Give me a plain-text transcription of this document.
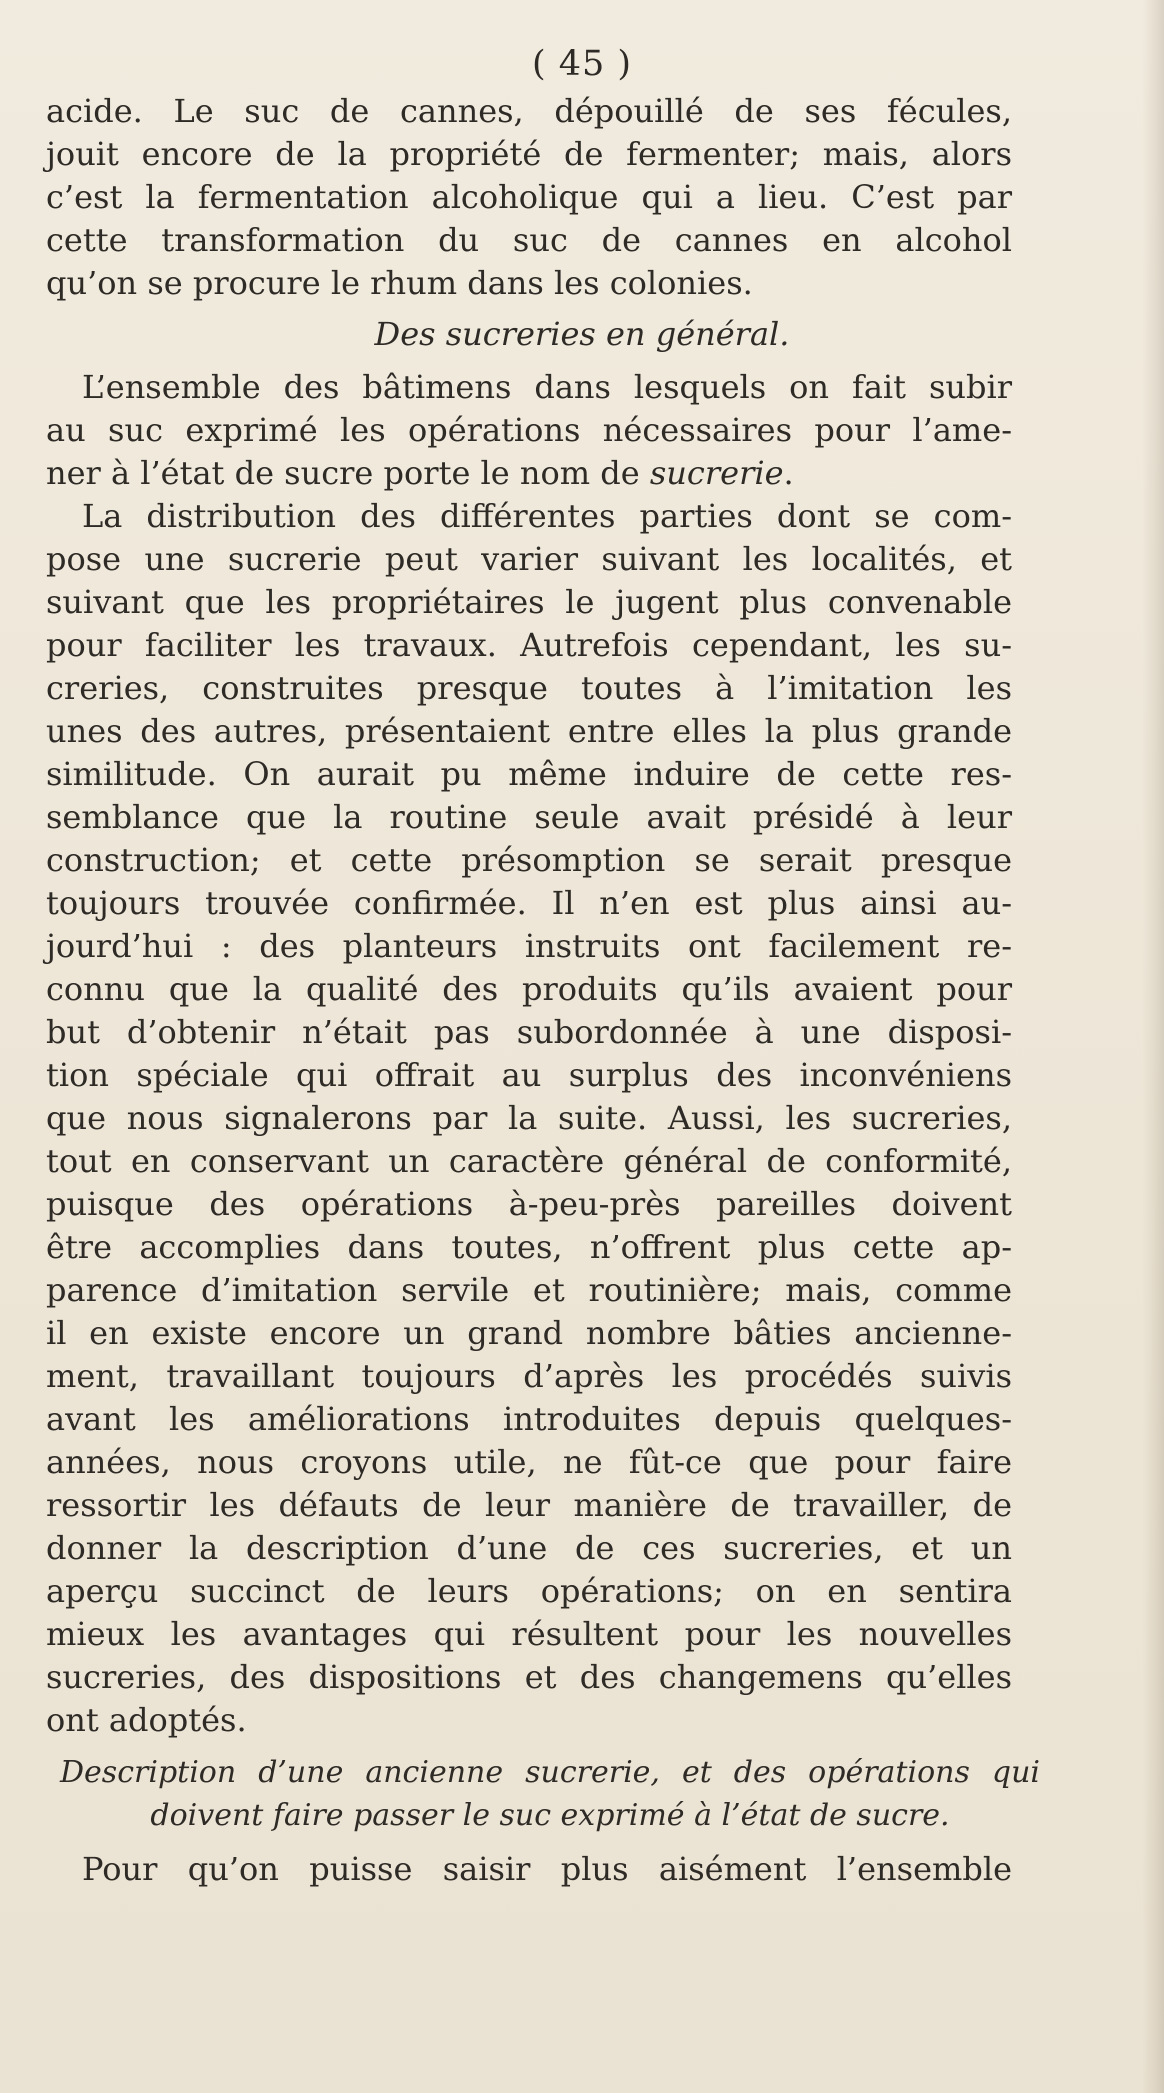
( 45 )
acide. Le suc de cannes, dépouillé de ses fécules,
jouit encore de la propriété de fermenter; mais, alors
c’est la fermentation alcoholique qui a lieu. C’est par
cette transformation du suc de cannes en alcohol
qu’on se procure le rhum dans les colonies.
Des sucreries en général.
L’ensemble des bâtimens dans lesquels on fait subir
au suc exprimé les opérations nécessaires pour l’ame-
ner à l’état de sucre porte le nom de sucrerie.
La distribution des différentes parties dont se com-
pose une sucrerie peut varier suivant les localités, et
suivant que les propriétaires le jugent plus convenable
pour faciliter les travaux. Autrefois cependant, les su-
creries, construites presque toutes à l’imitation les
unes des autres, présentaient entre elles la plus grande
similitude. On aurait pu même induire de cette res-
semblance que la routine seule avait présidé à leur
construction; et cette présomption se serait presque
toujours trouvée confirmée. Il n’en est plus ainsi au-
jourd’hui : des planteurs instruits ont facilement re-
connu que la qualité des produits qu’ils avaient pour
but d’obtenir n’était pas subordonnée à une disposi-
tion spéciale qui offrait au surplus des inconvéniens
que nous signalerons par la suite. Aussi, les sucreries,
tout en conservant un caractère général de conformité,
puisque des opérations à-peu-près pareilles doivent
être accomplies dans toutes, n’offrent plus cette ap-
parence d’imitation servile et routinière; mais, comme
il en existe encore un grand nombre bâties ancienne-
ment, travaillant toujours d’après les procédés suivis
avant les améliorations introduites depuis quelques-
années, nous croyons utile, ne fût-ce que pour faire
ressortir les défauts de leur manière de travailler, de
donner la description d’une de ces sucreries, et un
aperçu succinct de leurs opérations; on en sentira
mieux les avantages qui résultent pour les nouvelles
sucreries, des dispositions et des changemens qu’elles
ont adoptés.
Description d’une ancienne sucrerie, et des opérations qui
doivent faire passer le suc exprimé à l’état de sucre.
Pour qu’on puisse saisir plus aisément l’ensemble
